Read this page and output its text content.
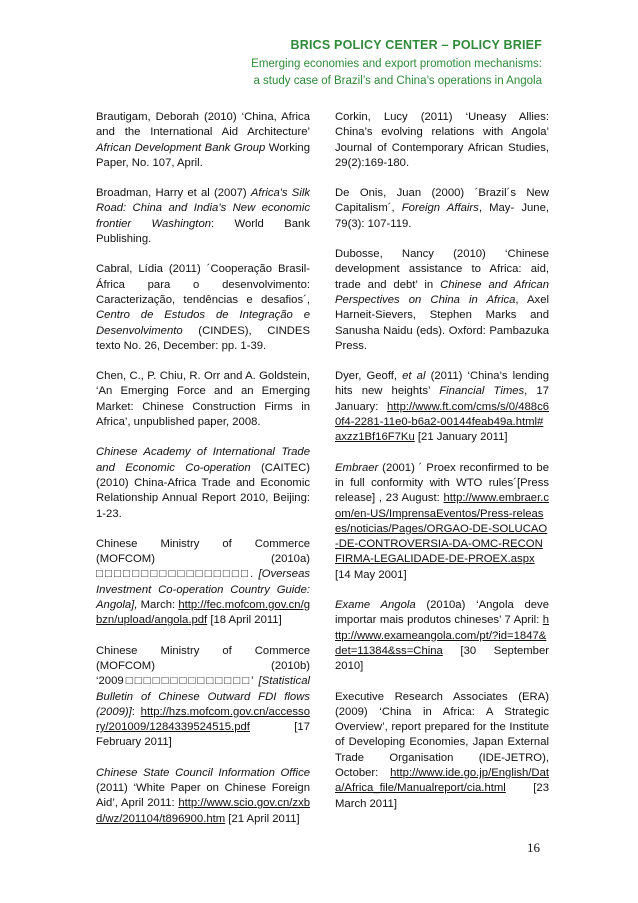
BRICS POLICY CENTER – POLICY BRIEF
Emerging economies and export promotion mechanisms:
a study case of Brazil’s and China’s operations in Angola

Brautigam, Deborah (2010) ‘China, Africa and the International Aid Architecture’ African Development Bank Group Working Paper, No. 107, April.

Broadman, Harry et al (2007) Africa's Silk Road: China and India’s New economic frontier Washington: World Bank Publishing.

Cabral, Lídia (2011) ´Cooperação Brasil-África para o desenvolvimento: Caracterização, tendências e desafios´, Centro de Estudos de Integração e Desenvolvimento (CINDES), CINDES texto No. 26, December: pp. 1-39.

Chen, C., P. Chiu, R. Orr and A. Goldstein, ‘An Emerging Force and an Emerging Market: Chinese Construction Firms in Africa’, unpublished paper, 2008.

Chinese Academy of International Trade and Economic Co-operation (CAITEC) (2010) China-Africa Trade and Economic Relationship Annual Report 2010, Beijing: 1-23.

Chinese Ministry of Commerce (MOFCOM) (2010a) □□□□□□□□□□□□□□□□□. [Overseas Investment Co-operation Country Guide: Angola], March: http://fec.mofcom.gov.cn/gbzn/upload/angola.pdf [18 April 2011]

Chinese Ministry of Commerce (MOFCOM) (2010b) ‘2009□□□□□□□□□□□□□□’ [Statistical Bulletin of Chinese Outward FDI flows (2009)]: http://hzs.mofcom.gov.cn/accessory/201009/1284339524515.pdf [17 February 2011]

Chinese State Council Information Office (2011) ‘White Paper on Chinese Foreign Aid’, April 2011: http://www.scio.gov.cn/zxbd/wz/201104/t896900.htm [21 April 2011]

Corkin, Lucy (2011) ‘Uneasy Allies: China’s evolving relations with Angola’ Journal of Contemporary African Studies, 29(2):169-180.

De Onis, Juan (2000) ´Brazil´s New Capitalism´, Foreign Affairs, May- June, 79(3): 107-119.

Dubosse, Nancy (2010) ‘Chinese development assistance to Africa: aid, trade and debt’ in Chinese and African Perspectives on China in Africa, Axel Harneit-Sievers, Stephen Marks and Sanusha Naidu (eds). Oxford: Pambazuka Press.

Dyer, Geoff, et al (2011) ‘China’s lending hits new heights’ Financial Times, 17 January: http://www.ft.com/cms/s/0/488c60f4-2281-11e0-b6a2-00144feab49a.html#axzz1Bf16F7Ku [21 January 2011]

Embraer (2001) ´ Proex reconfirmed to be in full conformity with WTO rules´[Press release] , 23 August: http://www.embraer.com/en-US/ImprensaEventos/Press-releases/noticias/Pages/ORGAO-DE-SOLUCAO-DE-CONTROVERSIA-DA-OMC-RECONFIRMA-LEGALIDADE-DE-PROEX.aspx [14 May 2001]

Exame Angola (2010a) ‘Angola deve importar mais produtos chineses’ 7 April: http://www.exameangola.com/pt/?id=1847&det=11384&ss=China [30 September 2010]

Executive Research Associates (ERA) (2009) ‘China in Africa: A Strategic Overview’, report prepared for the Institute of Developing Economies, Japan External Trade Organisation (IDE-JETRO), October: http://www.ide.go.jp/English/Data/Africa_file/Manualreport/cia.html [23 March 2011]

16
